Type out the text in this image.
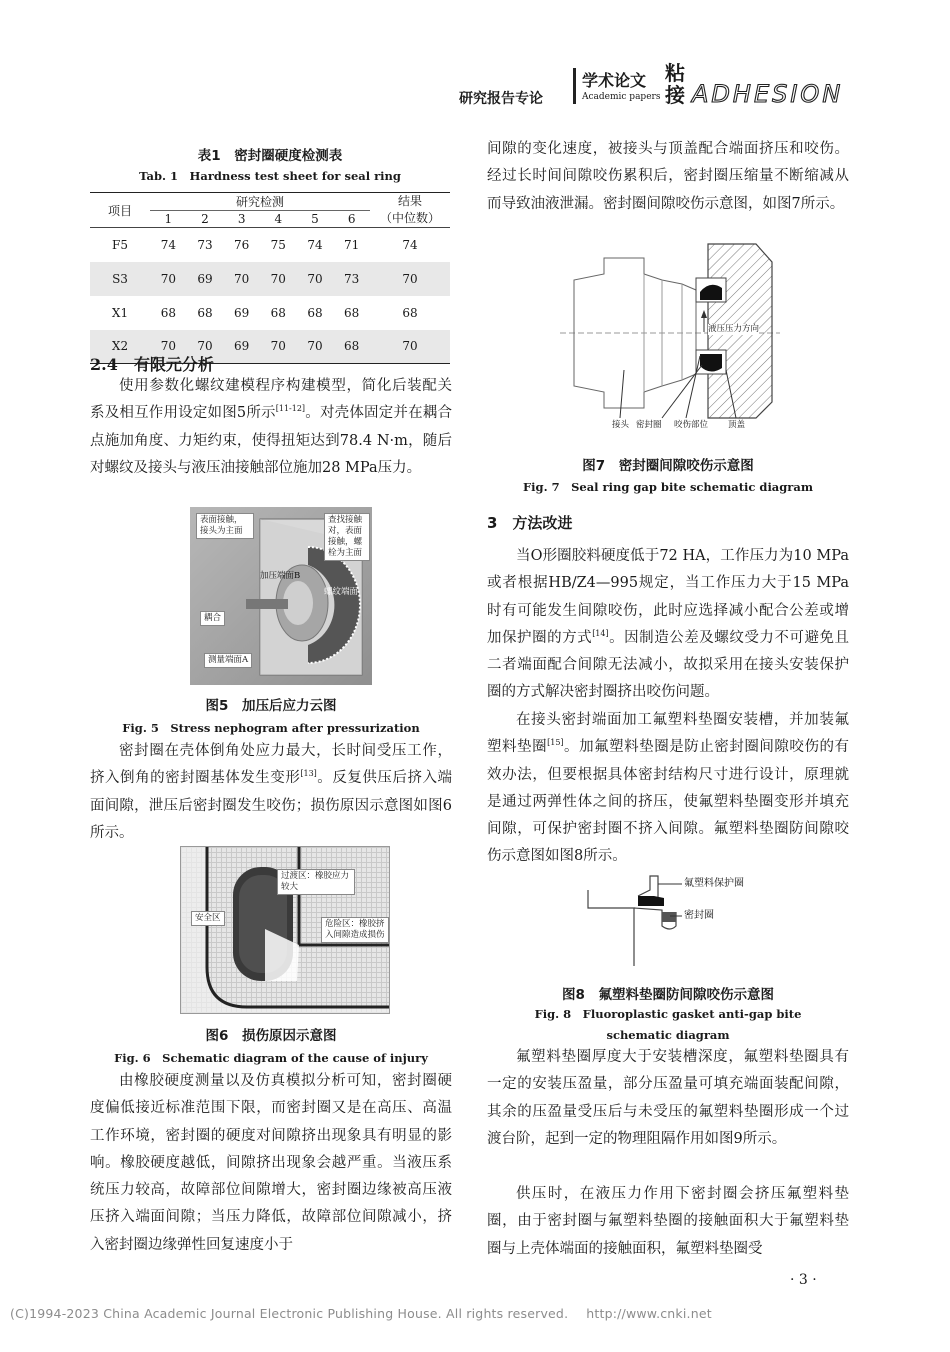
研究报告专论
学术论文
Academic papers
粘接 ADHESION
表1　密封圈硬度检测表
Tab. 1　Hardness test sheet for seal ring
项目	研究检测						结果
（中位数）

	1	2	3	4	5	6	
F5	74	73	76	75	74	71	74
S3	70	69	70	70	70	73	70
X1	68	68	69	68	68	68	68
X2	70	70	69	70	70	68	70
2.4　有限元分析
使用参数化螺纹建模程序构建模型，简化后装配关系及相互作用设定如图5所示[11-12]。对壳体固定并在耦合点施加角度、力矩约束，使得扭矩达到78.4 N·m，随后对螺纹及接头与液压油接触部位施加28 MPa压力。
表面接触，接头为主面
查找接触对，表面接触，螺栓为主面
加压端面B
螺纹端面
耦合
测量端面A
图5　加压后应力云图
Fig. 5　Stress nephogram after pressurization
密封圈在壳体倒角处应力最大，长时间受压工作，挤入倒角的密封圈基体发生变形[13]。反复供压后挤入端面间隙，泄压后密封圈发生咬伤；损伤原因示意图如图6所示。
安全区
过渡区：橡胶应力较大
危险区：橡胶挤入间隙造成损伤
图6　损伤原因示意图
Fig. 6　Schematic diagram of the cause of injury
由橡胶硬度测量以及仿真模拟分析可知，密封圈硬度偏低接近标准范围下限，而密封圈又是在高压、高温工作环境，密封圈的硬度对间隙挤出现象具有明显的影响。橡胶硬度越低，间隙挤出现象会越严重。当液压系统压力较高，故障部位间隙增大，密封圈边缘被高压液压挤入端面间隙；当压力降低，故障部位间隙减小，挤入密封圈边缘弹性回复速度小于
间隙的变化速度，被接头与顶盖配合端面挤压和咬伤。经过长时间间隙咬伤累积后，密封圈压缩量不断缩减从而导致油液泄漏。密封圈间隙咬伤示意图，如图7所示。
液压压力方向
接头 密封圈 咬伤部位 顶盖
图7　密封圈间隙咬伤示意图
Fig. 7　Seal ring gap bite schematic diagram
3　方法改进
当O形圈胶料硬度低于72 HA，工作压力为10 MPa或者根据HB/Z4—995规定，当工作压力大于15 MPa时有可能发生间隙咬伤，此时应选择减小配合公差或增加保护圈的方式[14]。因制造公差及螺纹受力不可避免且二者端面配合间隙无法减小，故拟采用在接头安装保护圈的方式解决密封圈挤出咬伤问题。
在接头密封端面加工氟塑料垫圈安装槽，并加装氟塑料垫圈[15]。加氟塑料垫圈是防止密封圈间隙咬伤的有效办法，但要根据具体密封结构尺寸进行设计，原理就是通过两弹性体之间的挤压，使氟塑料垫圈变形并填充间隙，可保护密封圈不挤入间隙。氟塑料垫圈防间隙咬伤示意图如图8所示。
氟塑料保护圈
密封圈
图8　氟塑料垫圈防间隙咬伤示意图
Fig. 8　Fluoroplastic gasket anti-gap bite
schematic diagram
氟塑料垫圈厚度大于安装槽深度，氟塑料垫圈具有一定的安装压盈量，部分压盈量可填充端面装配间隙，其余的压盈量受压后与未受压的氟塑料垫圈形成一个过渡台阶，起到一定的物理阻隔作用如图9所示。
供压时，在液压力作用下密封圈会挤压氟塑料垫圈，由于密封圈与氟塑料垫圈的接触面积大于氟塑料垫圈与上壳体端面的接触面积，氟塑料垫圈受
· 3 ·
(C)1994-2023 China Academic Journal Electronic Publishing House. All rights reserved. http://www.cnki.net
